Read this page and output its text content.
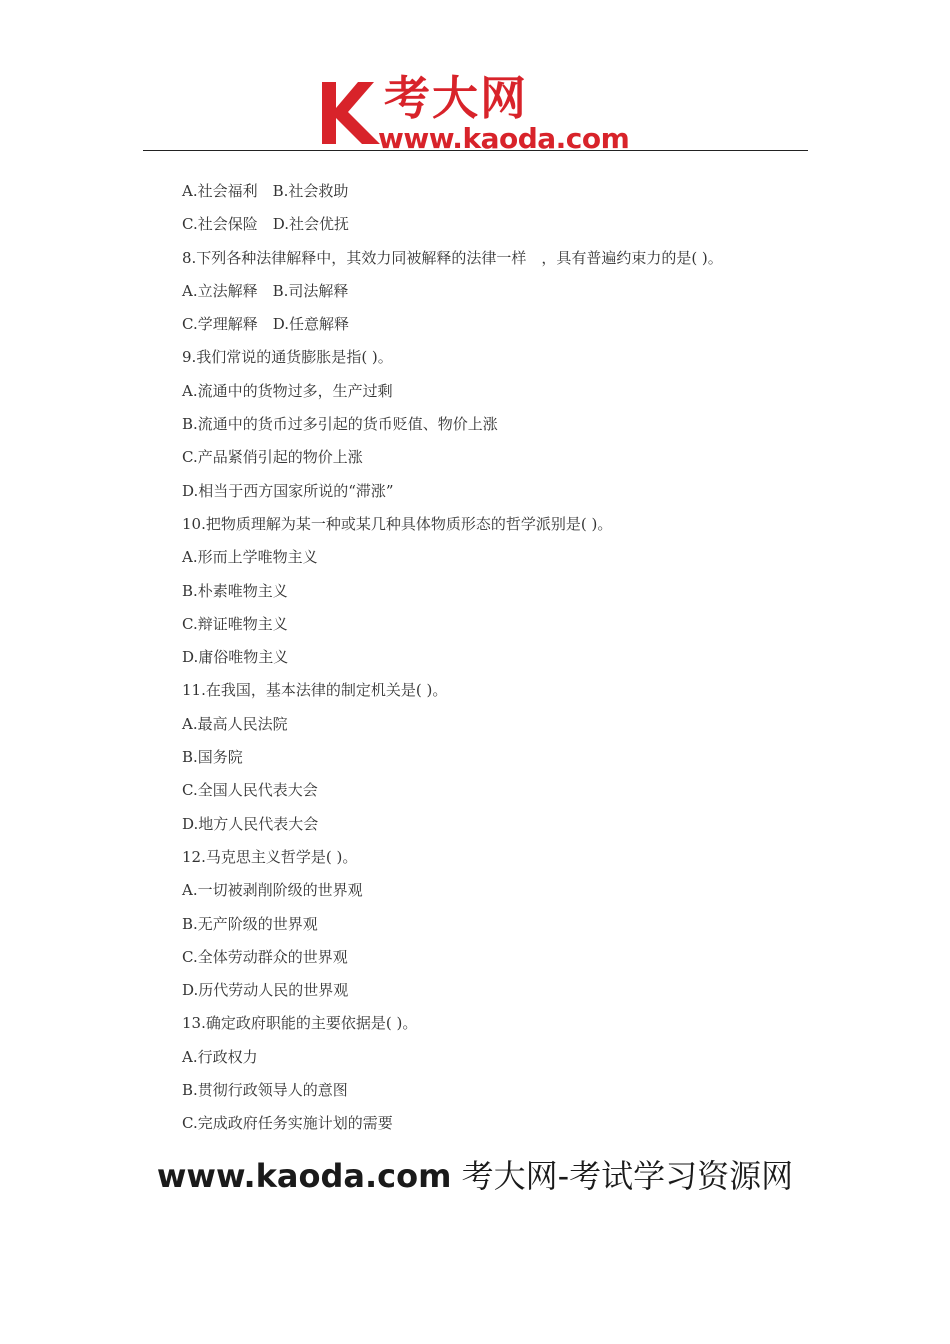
考大网
www.kaoda.com
A.社会福利　B.社会救助
C.社会保险　D.社会优抚
8.下列各种法律解释中，其效力同被解释的法律一样　，具有普遍约束力的是( )。
A.立法解释　B.司法解释
C.学理解释　D.任意解释
9.我们常说的通货膨胀是指( )。
A.流通中的货物过多，生产过剩
B.流通中的货币过多引起的货币贬值、物价上涨
C.产品紧俏引起的物价上涨
D.相当于西方国家所说的“滞涨”
10.把物质理解为某一种或某几种具体物质形态的哲学派别是( )。
A.形而上学唯物主义
B.朴素唯物主义
C.辩证唯物主义
D.庸俗唯物主义
11.在我国，基本法律的制定机关是( )。
A.最高人民法院
B.国务院
C.全国人民代表大会
D.地方人民代表大会
12.马克思主义哲学是( )。
A.一切被剥削阶级的世界观
B.无产阶级的世界观
C.全体劳动群众的世界观
D.历代劳动人民的世界观
13.确定政府职能的主要依据是( )。
A.行政权力
B.贯彻行政领导人的意图
C.完成政府任务实施计划的需要
www.kaoda.com 考大网-考试学习资源网
